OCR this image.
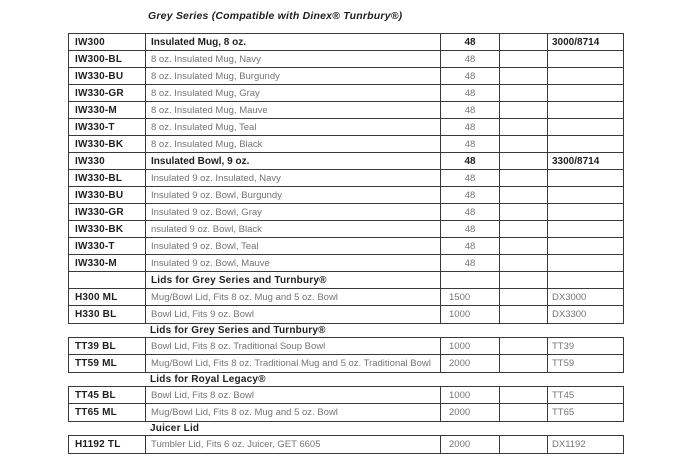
Grey Series (Compatible with Dinex® Tunrbury®)
IW300	Insulated Mug, 8 oz.	48	3000/8714
IW300-BL	8 oz. Insulated Mug, Navy	48
IW330-BU	8 oz. Insulated Mug, Burgundy	48
IW330-GR	8 oz. Insulated Mug, Gray	48
IW330-M	8 oz. Insulated Mug, Mauve	48
IW330-T	8 oz. Insulated Mug, Teal	48
IW330-BK	8 oz. Insulated Mug, Black	48
IW330	Insulated Bowl, 9 oz.	48	3300/8714
IW330-BL	Insulated 9 oz. Insulated, Navy	48
IW330-BU	Insulated 9 oz. Bowl, Burgundy	48
IW330-GR	Insulated 9 oz. Bowl, Gray	48
IW330-BK	nsulated 9 oz. Bowl, Black	48
IW330-T	Insulated 9 oz. Bowl, Teal	48
IW330-M	Insulated 9 oz. Bowl, Mauve	48
Lids for Grey Series and Turnbury®
H300 ML	Mug/Bowl Lid, Fits 8 oz. Mug and 5 oz. Bowl	1500	DX3000
H330 BL	Bowl Lid, Fits 9 oz. Bowl	1000	DX3300
Lids for Grey Series and Turnbury®
TT39 BL	Bowl Lid, Fits 8 oz. Traditional Soup Bowl	1000	TT39
TT59 ML	Mug/Bowl Lid, Fits 8 oz. Traditional Mug and 5 oz. Traditional Bowl	2000	TT59
Lids for Royal Legacy®
TT45 BL	Bowl Lid, Fits 8 oz. Bowl	1000	TT45
TT65 ML	Mug/Bowl Lid, Fits 8 oz. Mug and 5 oz. Bowl	2000	TT65
Juicer Lid
H1192 TL	Tumbler Lid, Fits 6 oz. Juicer, GET 6605	2000	DX1192
